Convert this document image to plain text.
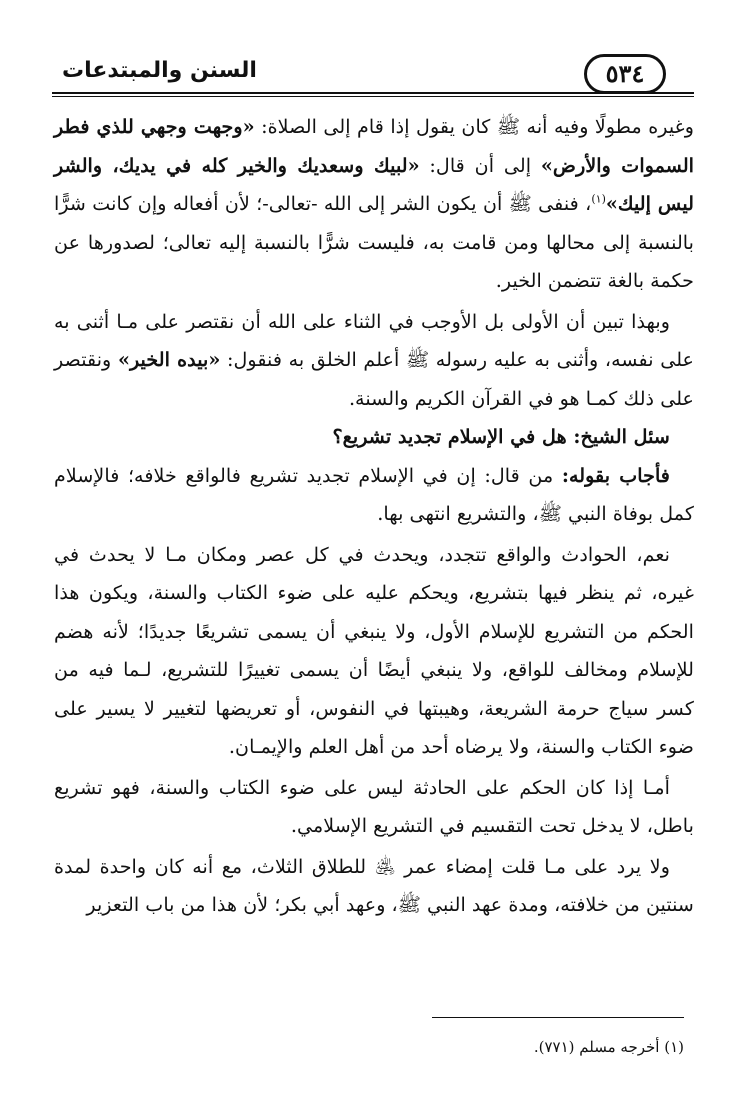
السنن والمبتدعات	٥٣٤

وغيره مطولًا وفيه أنه ﷺ كان يقول إذا قام إلى الصلاة: «وجهت وجهي للذي فطر السموات والأرض» إلى أن قال: «لبيك وسعديك والخير كله في يديك، والشر ليس إليك»$^{(١)}$، فنفى ﷺ أن يكون الشر إلى الله -تعالى-؛ لأن أفعاله وإن كانت شرًّا بالنسبة إلى محالها ومن قامت به، فليست شرًّا بالنسبة إليه تعالى؛ لصدورها عن حكمة بالغة تتضمن الخير.

وبهذا تبين أن الأولى بل الأوجب في الثناء على الله أن نقتصر على مـا أثنى به على نفسه، وأثنى به عليه رسوله ﷺ أعلم الخلق به فنقول: «بيده الخير» ونقتصر على ذلك كمـا هو في القرآن الكريم والسنة.

سئل الشيخ: هل في الإسلام تجديد تشريع؟

فأجاب بقوله: من قال: إن في الإسلام تجديد تشريع فالواقع خلافه؛ فالإسلام كمل بوفاة النبي ﷺ، والتشريع انتهى بها.

نعم، الحوادث والواقع تتجدد، ويحدث في كل عصر ومكان مـا لا يحدث في غيره، ثم ينظر فيها بتشريع، ويحكم عليه على ضوء الكتاب والسنة، ويكون هذا الحكم من التشريع للإسلام الأول، ولا ينبغي أن يسمى تشريعًا جديدًا؛ لأنه هضم للإسلام ومخالف للواقع، ولا ينبغي أيضًا أن يسمى تغييرًا للتشريع، لـما فيه من كسر سياج حرمة الشريعة، وهيبتها في النفوس، أو تعريضها لتغيير لا يسير على ضوء الكتاب والسنة، ولا يرضاه أحد من أهل العلم والإيمـان.

أمـا إذا كان الحكم على الحادثة ليس على ضوء الكتاب والسنة، فهو تشريع باطل، لا يدخل تحت التقسيم في التشريع الإسلامي.

ولا يرد على مـا قلت إمضاء عمر ﵁ للطلاق الثلاث، مع أنه كان واحدة لمدة سنتين من خلافته، ومدة عهد النبي ﷺ، وعهد أبي بكر؛ لأن هذا من باب التعزير

(١) أخرجه مسلم (٧٧١).
